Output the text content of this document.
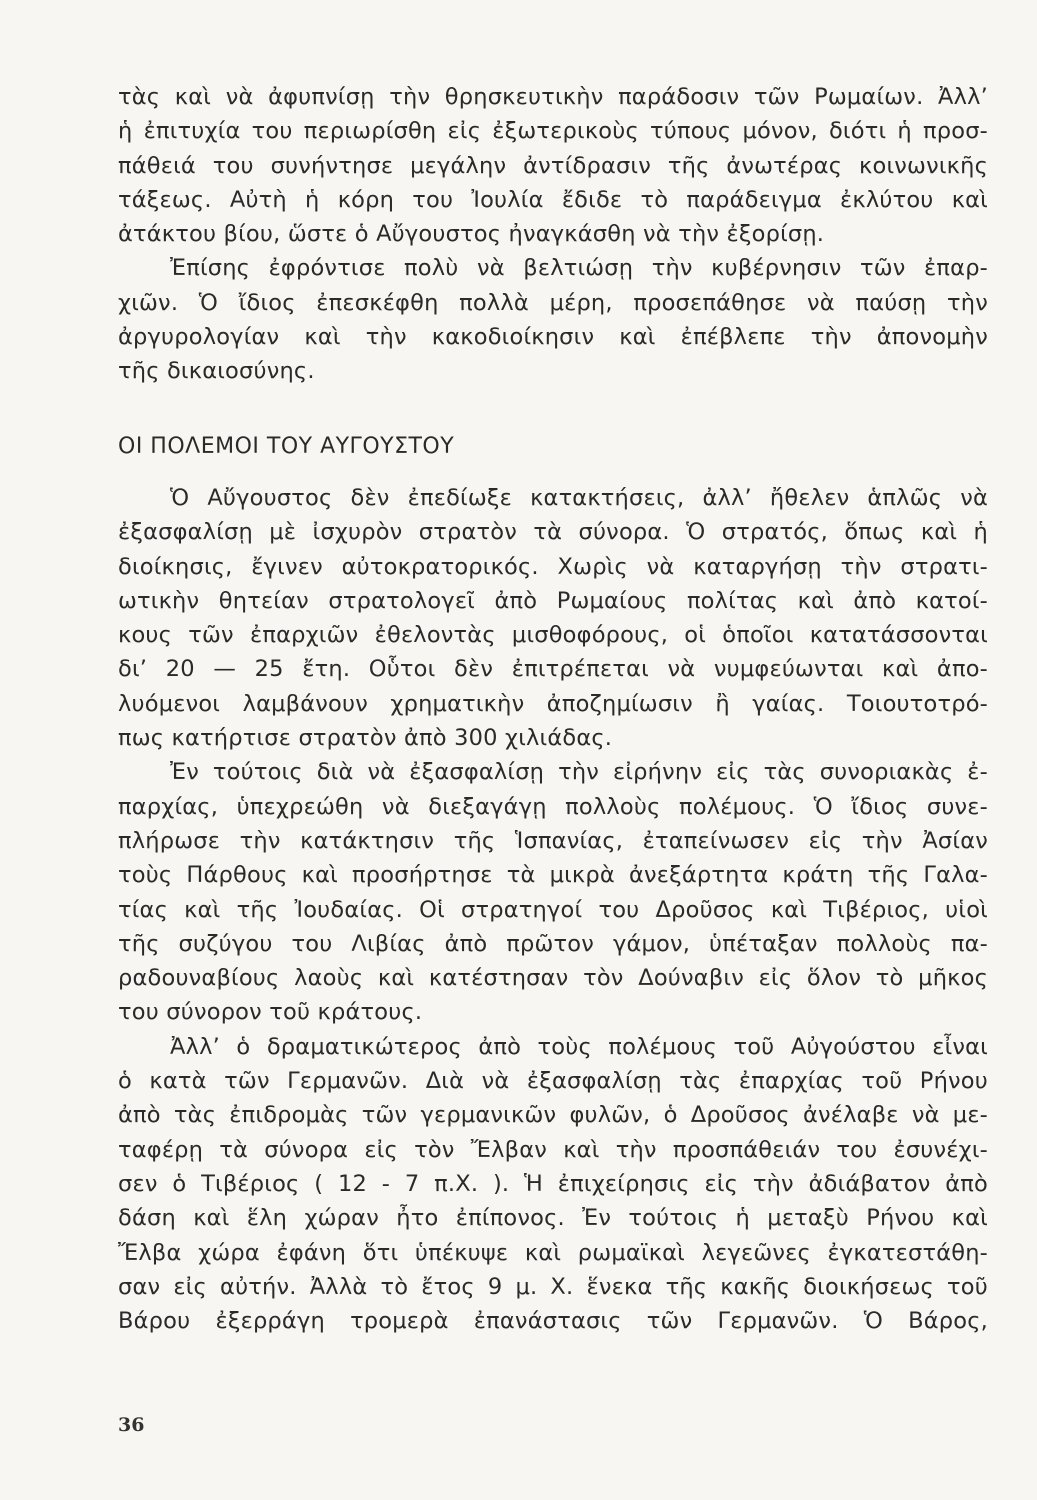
τὰς καὶ νὰ ἀφυπνίσῃ τὴν θρησκευτικὴν παράδοσιν τῶν Ρωμαίων. Ἀλλ’
ἡ ἐπιτυχία του περιωρίσθη εἰς ἐξωτερικοὺς τύπους μόνον, διότι ἡ προσ-
πάθειά του συνήντησε μεγάλην ἀντίδρασιν τῆς ἀνωτέρας κοινωνικῆς
τάξεως. Αὐτὴ ἡ κόρη του Ἰουλία ἔδιδε τὸ παράδειγμα ἐκλύτου καὶ
ἀτάκτου βίου, ὥστε ὁ Αὔγουστος ἠναγκάσθη νὰ τὴν ἐξορίσῃ.
Ἐπίσης ἐφρόντισε πολὺ νὰ βελτιώσῃ τὴν κυβέρνησιν τῶν ἐπαρ-
χιῶν. Ὁ ἴδιος ἐπεσκέφθη πολλὰ μέρη, προσεπάθησε νὰ παύσῃ τὴν
ἀργυρολογίαν καὶ τὴν κακοδιοίκησιν καὶ ἐπέβλεπε τὴν ἀπονομὴν
τῆς δικαιοσύνης.
ΟΙ ΠΟΛΕΜΟΙ ΤΟΥ ΑΥΓΟΥΣΤΟΥ
Ὁ Αὔγουστος δὲν ἐπεδίωξε κατακτήσεις, ἀλλ’ ἤθελεν ἁπλῶς νὰ
ἐξασφαλίσῃ μὲ ἰσχυρὸν στρατὸν τὰ σύνορα. Ὁ στρατός, ὅπως καὶ ἡ
διοίκησις, ἔγινεν αὐτοκρατορικός. Χωρὶς νὰ καταργήσῃ τὴν στρατι-
ωτικὴν θητείαν στρατολογεῖ ἀπὸ Ρωμαίους πολίτας καὶ ἀπὸ κατοί-
κους τῶν ἐπαρχιῶν ἐθελοντὰς μισθοφόρους, οἱ ὁποῖοι κατατάσσονται
δι’ 20 — 25 ἔτη. Οὗτοι δὲν ἐπιτρέπεται νὰ νυμφεύωνται καὶ ἀπο-
λυόμενοι λαμβάνουν χρηματικὴν ἀποζημίωσιν ἢ γαίας. Τοιουτοτρό-
πως κατήρτισε στρατὸν ἀπὸ 300 χιλιάδας.
Ἐν τούτοις διὰ νὰ ἐξασφαλίσῃ τὴν εἰρήνην εἰς τὰς συνοριακὰς ἐ-
παρχίας, ὑπεχρεώθη νὰ διεξαγάγῃ πολλοὺς πολέμους. Ὁ ἴδιος συνε-
πλήρωσε τὴν κατάκτησιν τῆς Ἱσπανίας, ἐταπείνωσεν εἰς τὴν Ἀσίαν
τοὺς Πάρθους καὶ προσήρτησε τὰ μικρὰ ἀνεξάρτητα κράτη τῆς Γαλα-
τίας καὶ τῆς Ἰουδαίας. Οἱ στρατηγοί του Δροῦσος καὶ Τιβέριος, υἱοὶ
τῆς συζύγου του Λιβίας ἀπὸ πρῶτον γάμον, ὑπέταξαν πολλοὺς πα-
ραδουναβίους λαοὺς καὶ κατέστησαν τὸν Δούναβιν εἰς ὅλον τὸ μῆκος
του σύνορον τοῦ κράτους.
Ἀλλ’ ὁ δραματικώτερος ἀπὸ τοὺς πολέμους τοῦ Αὐγούστου εἶναι
ὁ κατὰ τῶν Γερμανῶν. Διὰ νὰ ἐξασφαλίσῃ τὰς ἐπαρχίας τοῦ Ρήνου
ἀπὸ τὰς ἐπιδρομὰς τῶν γερμανικῶν φυλῶν, ὁ Δροῦσος ἀνέλαβε νὰ με-
ταφέρῃ τὰ σύνορα εἰς τὸν Ἔλβαν καὶ τὴν προσπάθειάν του ἐσυνέχι-
σεν ὁ Τιβέριος ( 12 - 7 π.Χ. ). Ἡ ἐπιχείρησις εἰς τὴν ἀδιάβατον ἀπὸ
δάση καὶ ἕλη χώραν ἦτο ἐπίπονος. Ἐν τούτοις ἡ μεταξὺ Ρήνου καὶ
Ἔλβα χώρα ἐφάνη ὅτι ὑπέκυψε καὶ ρωμαϊκαὶ λεγεῶνες ἐγκατεστάθη-
σαν εἰς αὐτήν. Ἀλλὰ τὸ ἔτος 9 μ. Χ. ἕνεκα τῆς κακῆς διοικήσεως τοῦ
Βάρου ἐξερράγη τρομερὰ ἐπανάστασις τῶν Γερμανῶν. Ὁ Βάρος,
36
